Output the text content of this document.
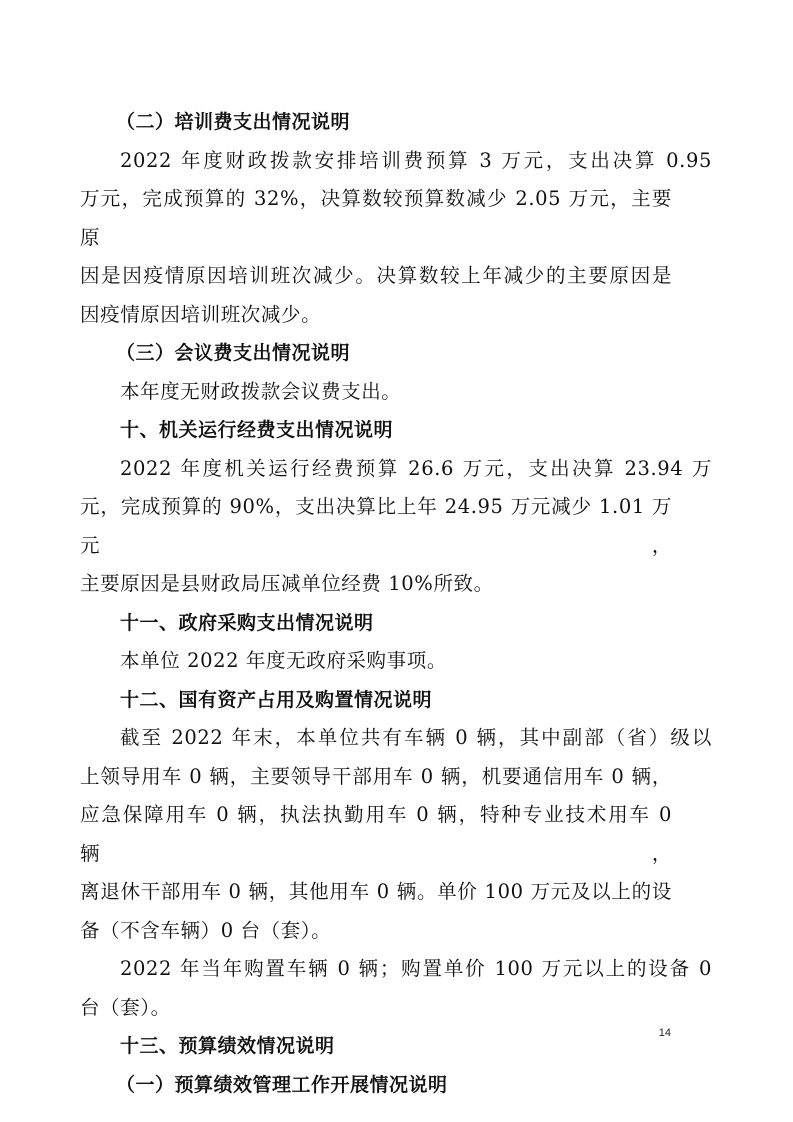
（二）培训费支出情况说明
2022 年度财政拨款安排培训费预算 3 万元，支出决算 0.95
万元，完成预算的 32%，决算数较预算数减少 2.05 万元，主要原
因是因疫情原因培训班次减少。决算数较上年减少的主要原因是
因疫情原因培训班次减少。
（三）会议费支出情况说明
本年度无财政拨款会议费支出。
十、机关运行经费支出情况说明
2022 年度机关运行经费预算 26.6 万元，支出决算 23.94 万
元，完成预算的 90%，支出决算比上年 24.95 万元减少 1.01 万元，
主要原因是县财政局压减单位经费 10%所致。
十一、政府采购支出情况说明
本单位 2022 年度无政府采购事项。
十二、国有资产占用及购置情况说明
截至 2022 年末，本单位共有车辆 0 辆，其中副部（省）级以
上领导用车 0 辆，主要领导干部用车 0 辆，机要通信用车 0 辆，
应急保障用车 0 辆，执法执勤用车 0 辆，特种专业技术用车 0 辆，
离退休干部用车 0 辆，其他用车 0 辆。单价 100 万元及以上的设
备（不含车辆）0 台（套）。
2022 年当年购置车辆 0 辆；购置单价 100 万元以上的设备 0
台（套）。
十三、预算绩效情况说明
（一）预算绩效管理工作开展情况说明
14
